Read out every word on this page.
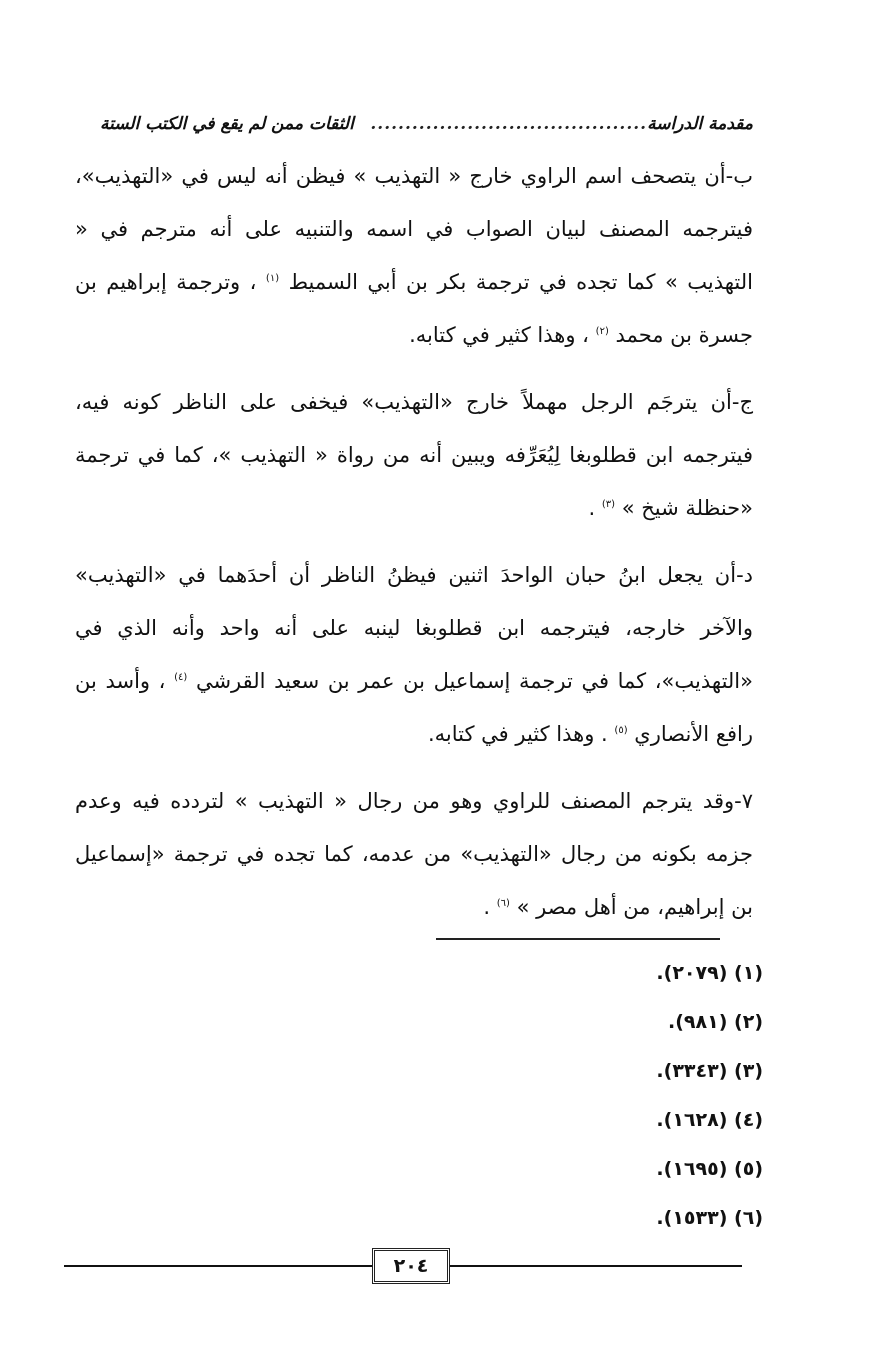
مقدمة الدراسة
........................................
الثقات ممن لم يقع في الكتب الستة

ب-أن يتصحف اسم الراوي خارج « التهذيب » فيظن أنه ليس في «التهذيب»، فيترجمه المصنف لبيان الصواب في اسمه والتنبيه على أنه مترجم في « التهذيب » كما تجده في ترجمة بكر بن أبي السميط $^{(١)}$ ، وترجمة إبراهيم بن جسرة بن محمد $^{(٢)}$ ، وهذا كثير في كتابه.

ج-أن يترجَم الرجل مهملاً خارج «التهذيب» فيخفى على الناظر كونه فيه، فيترجمه ابن قطلوبغا لِيُعَرِّفه ويبين أنه من رواة « التهذيب »، كما في ترجمة «حنظلة شيخ » $^{(٣)}$ .

د-أن يجعل ابنُ حبان الواحدَ اثنين فيظنُ الناظر أن أحدَهما في «التهذيب» والآخر خارجه، فيترجمه ابن قطلوبغا لينبه على أنه واحد وأنه الذي في «التهذيب»، كما في ترجمة إسماعيل بن عمر بن سعيد القرشي $^{(٤)}$ ، وأسد بن رافع الأنصاري $^{(٥)}$ . وهذا كثير في كتابه.

٧-وقد يترجم المصنف للراوي وهو من رجال « التهذيب » لتردده فيه وعدم جزمه بكونه من رجال «التهذيب» من عدمه، كما تجده في ترجمة «إسماعيل بن إبراهيم، من أهل مصر » $^{(٦)}$ .

(١) (٢٠٧٩).
(٢) (٩٨١).
(٣) (٣٣٤٣).
(٤) (١٦٢٨).
(٥) (١٦٩٥).
(٦) (١٥٣٣).
٢٠٤
